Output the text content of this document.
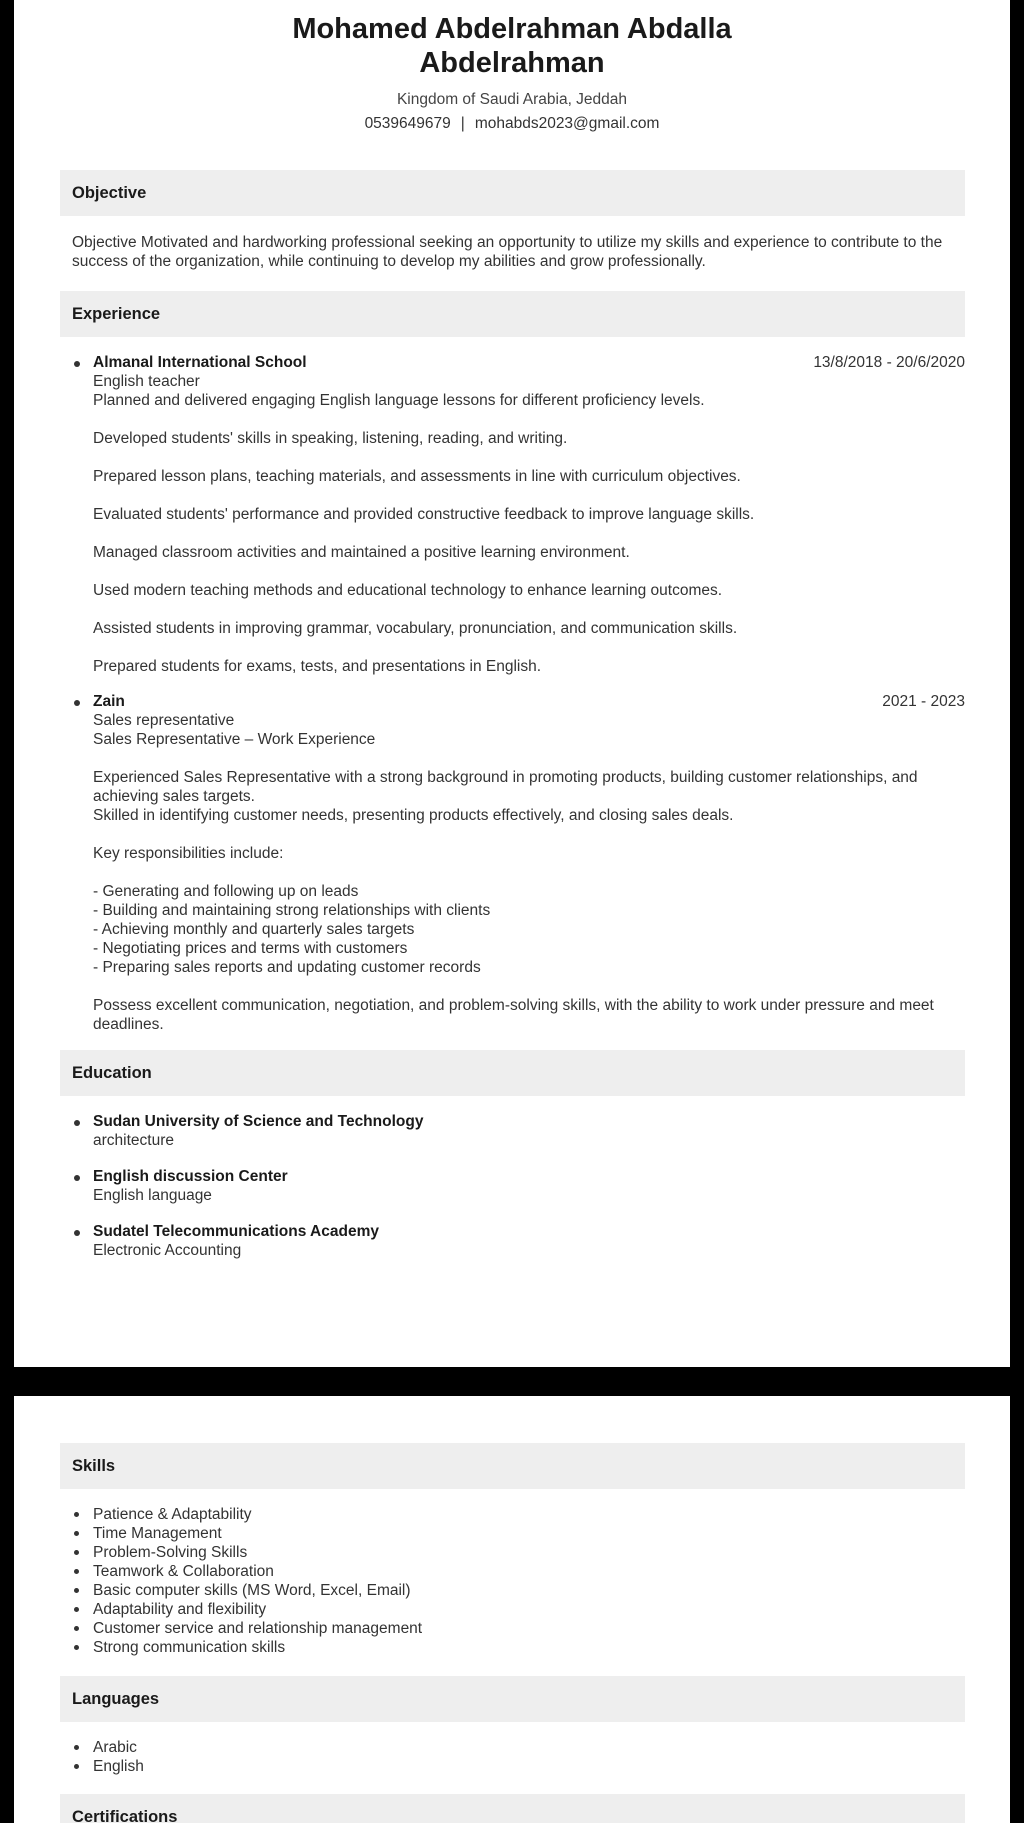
Mohamed Abdelrahman Abdalla Abdelrahman
Kingdom of Saudi Arabia, Jeddah
0539649679 | mohabds2023@gmail.com
Objective
Objective Motivated and hardworking professional seeking an opportunity to utilize my skills and experience to contribute to the success of the organization, while continuing to develop my abilities and grow professionally.
Experience
Almanal International School	13/8/2018 - 20/6/2020
English teacher
Planned and delivered engaging English language lessons for different proficiency levels.
Developed students' skills in speaking, listening, reading, and writing.
Prepared lesson plans, teaching materials, and assessments in line with curriculum objectives.
Evaluated students' performance and provided constructive feedback to improve language skills.
Managed classroom activities and maintained a positive learning environment.
Used modern teaching methods and educational technology to enhance learning outcomes.
Assisted students in improving grammar, vocabulary, pronunciation, and communication skills.
Prepared students for exams, tests, and presentations in English.
Zain	2021 - 2023
Sales representative
Sales Representative – Work Experience
Experienced Sales Representative with a strong background in promoting products, building customer relationships, and achieving sales targets.
Skilled in identifying customer needs, presenting products effectively, and closing sales deals.
Key responsibilities include:
- Generating and following up on leads
- Building and maintaining strong relationships with clients
- Achieving monthly and quarterly sales targets
- Negotiating prices and terms with customers
- Preparing sales reports and updating customer records
Possess excellent communication, negotiation, and problem-solving skills, with the ability to work under pressure and meet deadlines.
Education
Sudan University of Science and Technology
architecture
English discussion Center
English language
Sudatel Telecommunications Academy
Electronic Accounting
Skills
Patience & Adaptability
Time Management
Problem-Solving Skills
Teamwork & Collaboration
Basic computer skills (MS Word, Excel, Email)
Adaptability and flexibility
Customer service and relationship management
Strong communication skills
Languages
Arabic
English
Certifications
